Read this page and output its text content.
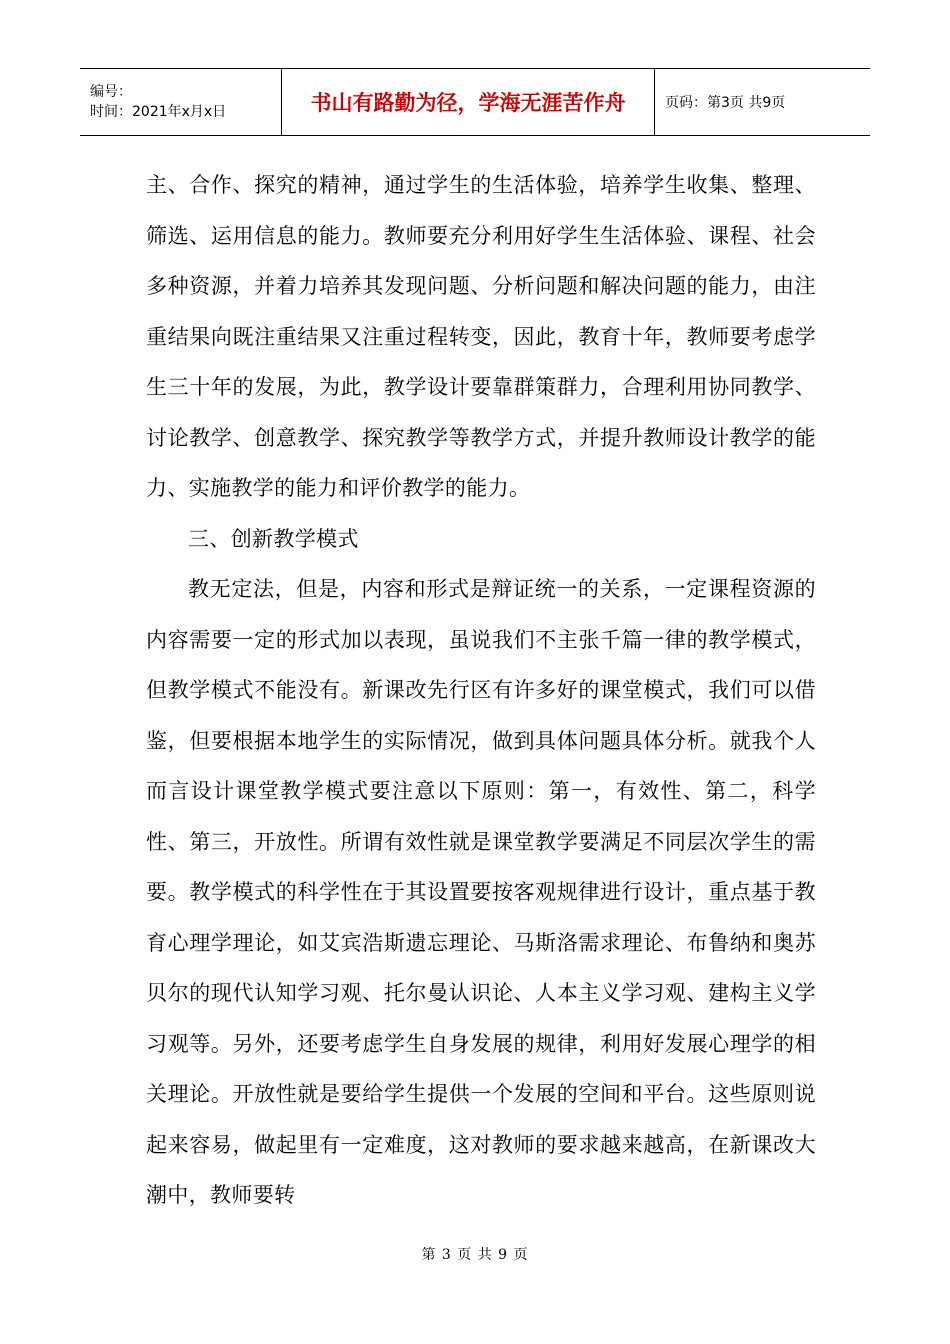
编号：
时间：2021年x月x日	书山有路勤为径，学海无涯苦作舟	页码：第3页 共9页

主、合作、探究的精神，通过学生的生活体验，培养学生收集、整理、筛选、运用信息的能力。教师要充分利用好学生生活体验、课程、社会多种资源，并着力培养其发现问题、分析问题和解决问题的能力，由注重结果向既注重结果又注重过程转变，因此，教育十年，教师要考虑学生三十年的发展，为此，教学设计要靠群策群力，合理利用协同教学、讨论教学、创意教学、探究教学等教学方式，并提升教师设计教学的能力、实施教学的能力和评价教学的能力。

三、创新教学模式

教无定法，但是，内容和形式是辩证统一的关系，一定课程资源的内容需要一定的形式加以表现，虽说我们不主张千篇一律的教学模式，但教学模式不能没有。新课改先行区有许多好的课堂模式，我们可以借鉴，但要根据本地学生的实际情况，做到具体问题具体分析。就我个人而言设计课堂教学模式要注意以下原则：第一，有效性、第二，科学性、第三，开放性。所谓有效性就是课堂教学要满足不同层次学生的需要。教学模式的科学性在于其设置要按客观规律进行设计，重点基于教育心理学理论，如艾宾浩斯遗忘理论、马斯洛需求理论、布鲁纳和奥苏贝尔的现代认知学习观、托尔曼认识论、人本主义学习观、建构主义学习观等。另外，还要考虑学生自身发展的规律，利用好发展心理学的相关理论。开放性就是要给学生提供一个发展的空间和平台。这些原则说起来容易，做起里有一定难度，这对教师的要求越来越高，在新课改大潮中，教师要转

第 3 页 共 9 页
